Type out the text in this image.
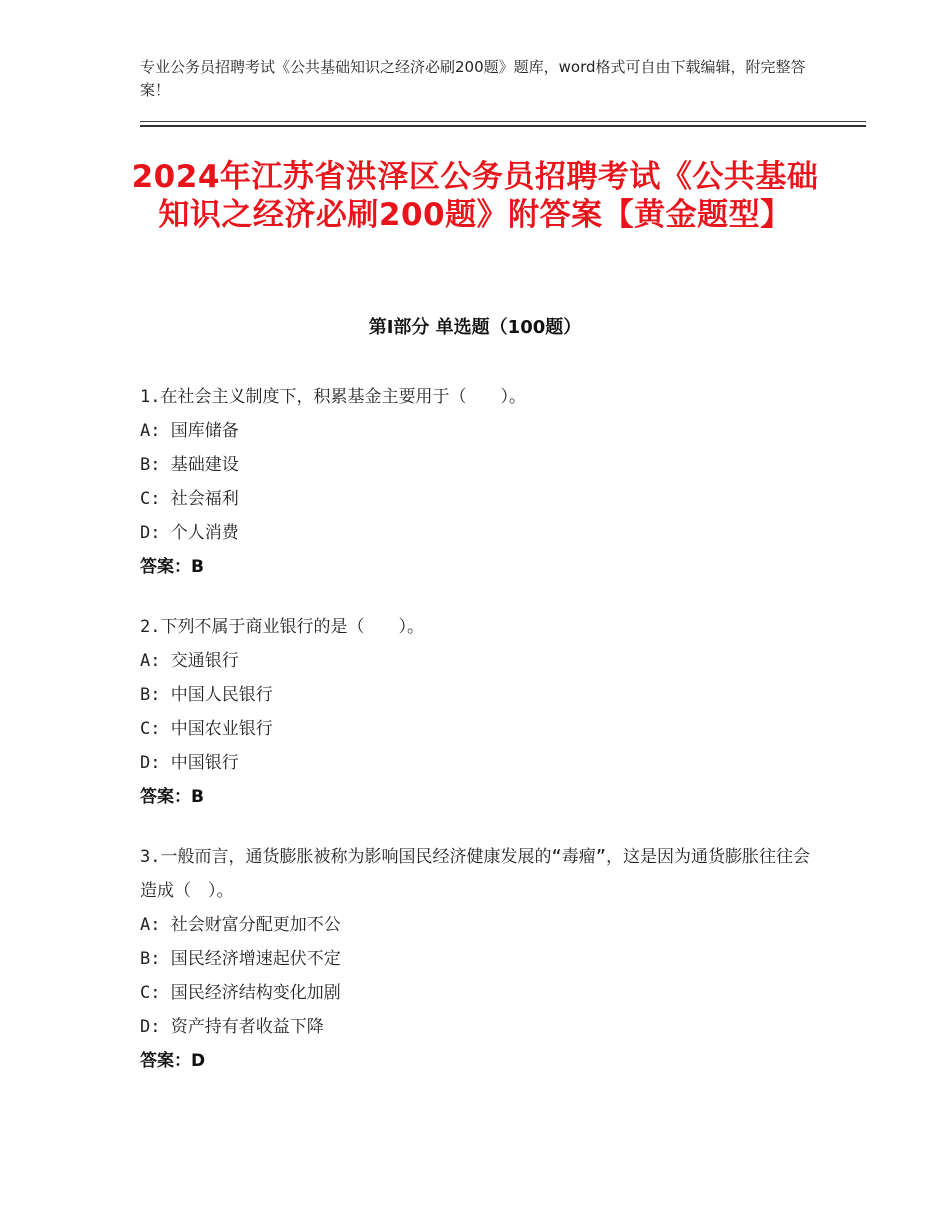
专业公务员招聘考试《公共基础知识之经济必刷200题》题库，word格式可自由下载编辑，附完整答案！
2024年江苏省洪泽区公务员招聘考试《公共基础知识之经济必刷200题》附答案【黄金题型】
第Ⅰ部分 单选题（100题）
1.在社会主义制度下，积累基金主要用于（　　）。
A: 国库储备
B: 基础建设
C: 社会福利
D: 个人消费
答案：B
2.下列不属于商业银行的是（　　）。
A: 交通银行
B: 中国人民银行
C: 中国农业银行
D: 中国银行
答案：B
3.一般而言，通货膨胀被称为影响国民经济健康发展的“毒瘤”，这是因为通货膨胀往往会造成（　）。
A: 社会财富分配更加不公
B: 国民经济增速起伏不定
C: 国民经济结构变化加剧
D: 资产持有者收益下降
答案：D
